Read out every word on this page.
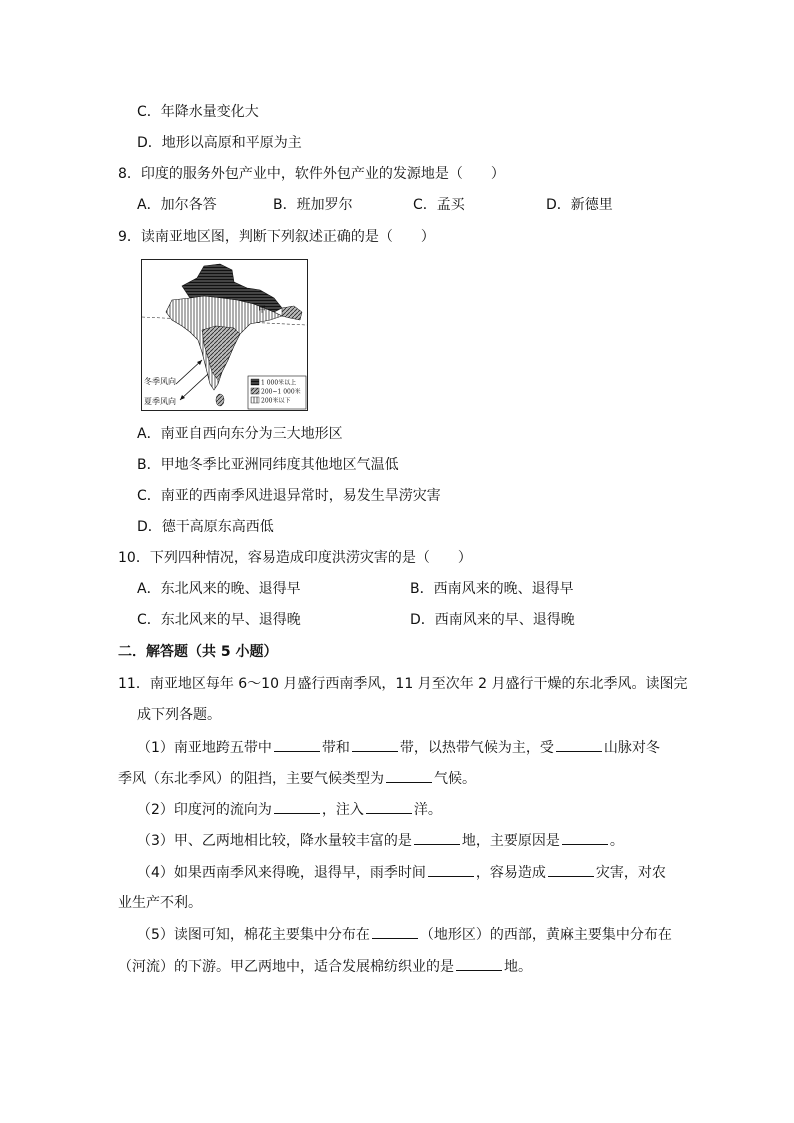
C．年降水量变化大
D．地形以高原和平原为主
8．印度的服务外包产业中，软件外包产业的发源地是（　　）
A．加尔各答	B．班加罗尔	C．孟买	D．新德里
9．读南亚地区图，判断下列叙述正确的是（　　）
甲
冬季风向
夏季风向
1 000米以上
200~1 000米
200米以下
A．南亚自西向东分为三大地形区
B．甲地冬季比亚洲同纬度其他地区气温低
C．南亚的西南季风进退异常时，易发生旱涝灾害
D．德干高原东高西低
10．下列四种情况，容易造成印度洪涝灾害的是（　　）
A．东北风来的晚、退得早	B．西南风来的晚、退得早
C．东北风来的早、退得晚	D．西南风来的早、退得晚
二．解答题（共 5 小题）
11．南亚地区每年 6～10 月盛行西南季风，11 月至次年 2 月盛行干燥的东北季风。读图完
成下列各题。
（1）南亚地跨五带中	带和	带，以热带气候为主，受	山脉对冬
季风（东北季风）的阻挡，主要气候类型为	气候。
（2）印度河的流向为	，注入	洋。
（3）甲、乙两地相比较，降水量较丰富的是	地，主要原因是	。
（4）如果西南季风来得晚，退得早，雨季时间	，容易造成	灾害，对农
业生产不利。
（5）读图可知，棉花主要集中分布在	（地形区）的西部，黄麻主要集中分布在
（河流）的下游。甲乙两地中，适合发展棉纺织业的是	地。
